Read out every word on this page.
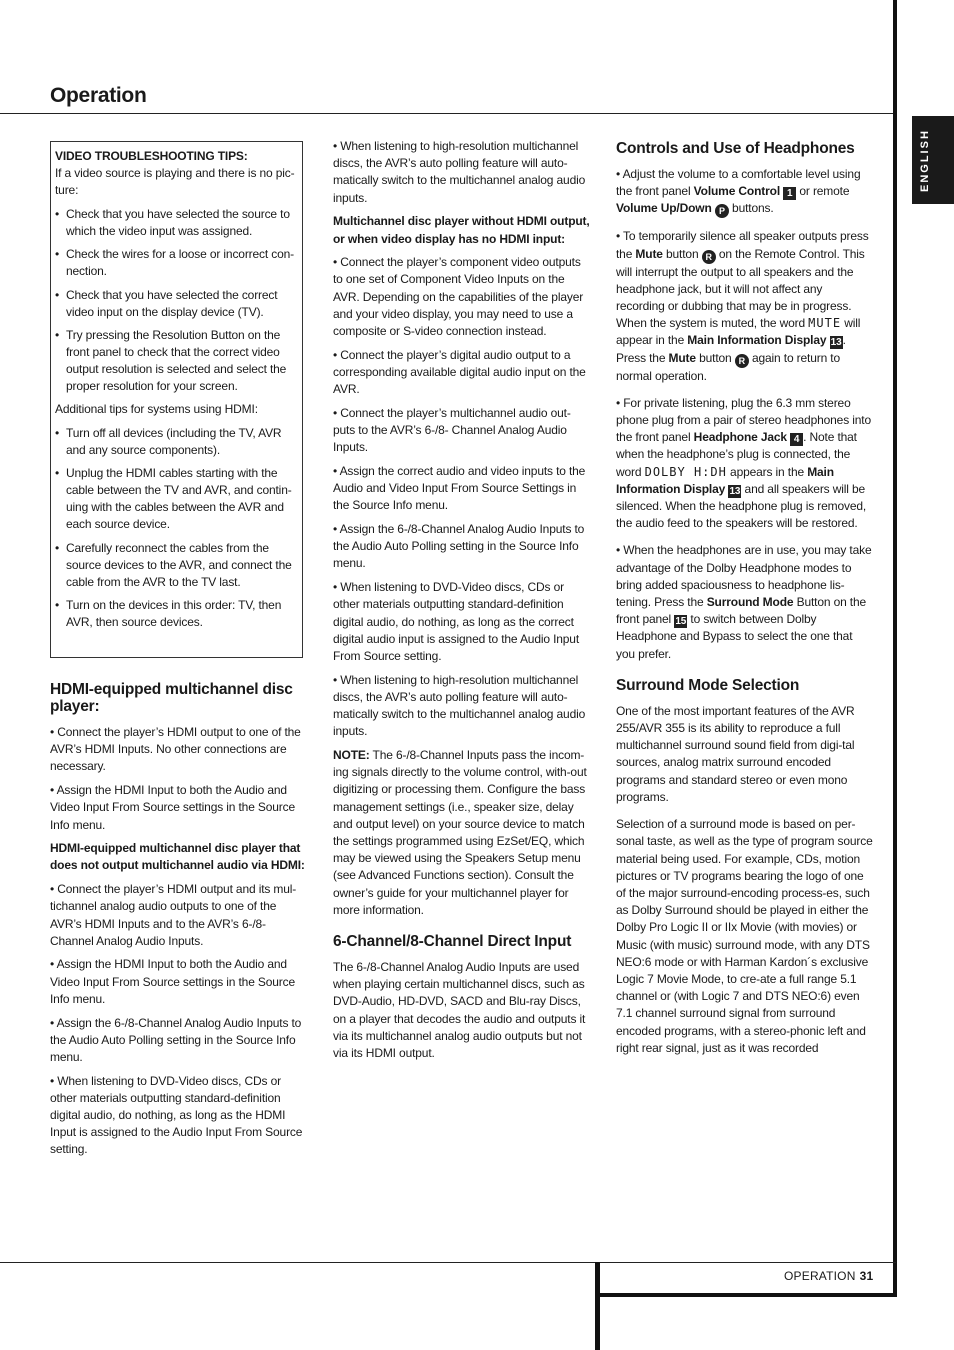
Operation
ENGLISH
VIDEO TROUBLESHOOTING TIPS:
If a video source is playing and there is no pic-ture:
• Check that you have selected the source to which the video input was assigned.
• Check the wires for a loose or incorrect con-nection.
• Check that you have selected the correct video input on the display device (TV).
• Try pressing the Resolution Button on the front panel to check that the correct video output resolution is selected and select the proper resolution for your screen.
Additional tips for systems using HDMI:
• Turn off all devices (including the TV, AVR and any source components).
• Unplug the HDMI cables starting with the cable between the TV and AVR, and contin-uing with the cables between the AVR and each source device.
• Carefully reconnect the cables from the source devices to the AVR, and connect the cable from the AVR to the TV last.
• Turn on the devices in this order: TV, then AVR, then source devices.
HDMI-equipped multichannel disc player:

• Connect the player’s HDMI output to one of the AVR’s HDMI Inputs. No other connections are necessary.

• Assign the HDMI Input to both the Audio and Video Input From Source settings in the Source Info menu.

HDMI-equipped multichannel disc player that does not output multichannel audio via HDMI:

• Connect the player’s HDMI output and its mul-tichannel analog audio outputs to one of the AVR’s HDMI Inputs and to the AVR’s 6-/8-Channel Analog Audio Inputs.

• Assign the HDMI Input to both the Audio and Video Input From Source settings in the Source Info menu.

• Assign the 6-/8-Channel Analog Audio Inputs to the Audio Auto Polling setting in the Source Info menu.

• When listening to DVD-Video discs, CDs or other materials outputting standard-definition digital audio, do nothing, as long as the HDMI Input is assigned to the Audio Input From Source setting.

• When listening to high-resolution multichannel discs, the AVR’s auto polling feature will auto-matically switch to the multichannel analog audio inputs.

Multichannel disc player without HDMI output, or when video display has no HDMI input:

• Connect the player’s component video outputs to one set of Component Video Inputs on the AVR. Depending on the capabilities of the player and your video display, you may need to use a composite or S-video connection instead.

• Connect the player’s digital audio output to a corresponding available digital audio input on the AVR.

• Connect the player’s multichannel audio out-puts to the AVR’s 6-/8- Channel Analog Audio Inputs.

• Assign the correct audio and video inputs to the Audio and Video Input From Source Settings in the Source Info menu.

• Assign the 6-/8-Channel Analog Audio Inputs to the Audio Auto Polling setting in the Source Info menu.

• When listening to DVD-Video discs, CDs or other materials outputting standard-definition digital audio, do nothing, as long as the correct digital audio input is assigned to the Audio Input From Source setting.

• When listening to high-resolution multichannel discs, the AVR’s auto polling feature will auto-matically switch to the multichannel analog audio inputs.

NOTE: The 6-/8-Channel Inputs pass the incom-ing signals directly to the volume control, with-out digitizing or processing them. Configure the bass management settings (i.e., speaker size, delay and output level) on your source device to match the settings programmed using EzSet/EQ, which may be viewed using the Speakers Setup menu (see Advanced Functions section). Consult the owner’s guide for your multichannel player for more information.

6-Channel/8-Channel Direct Input

The 6-/8-Channel Analog Audio Inputs are used when playing certain multichannel discs, such as DVD-Audio, HD-DVD, SACD and Blu-ray Discs, on a player that decodes the audio and outputs it via its multichannel analog audio outputs but not via its HDMI output.

Controls and Use of Headphones

• Adjust the volume to a comfortable level using the front panel Volume Control 1 or remote Volume Up/Down P buttons.

• To temporarily silence all speaker outputs press the Mute button R on the Remote Control. This will interrupt the output to all speakers and the headphone jack, but it will not affect any recording or dubbing that may be in progress. When the system is muted, the word MUTE will appear in the Main Information Display 13. Press the Mute button R again to return to normal operation.

• For private listening, plug the 6.3 mm stereo phone plug from a pair of stereo headphones into the front panel Headphone Jack 4 . Note that when the headphone’s plug is connected, the word DOLBY H:DH appears in the Main Information Display 13 and all speakers will be silenced. When the headphone plug is removed, the audio feed to the speakers will be restored.

• When the headphones are in use, you may take advantage of the Dolby Headphone modes to bring added spaciousness to headphone lis-tening. Press the Surround Mode Button on the front panel 15 to switch between Dolby Headphone and Bypass to select the one that you prefer.

Surround Mode Selection

One of the most important features of the AVR 255/AVR 355 is its ability to reproduce a full multichannel surround sound field from digi-tal sources, analog matrix surround encoded programs and standard stereo or even mono programs.

Selection of a surround mode is based on per-sonal taste, as well as the type of program source material being used. For example, CDs, motion pictures or TV programs bearing the logo of one of the major surround-encoding process-es, such as Dolby Surround should be played in either the Dolby Pro Logic II or IIx Movie (with movies) or Music (with music) surround mode, with any DTS NEO:6 mode or with Harman Kardon´s exclusive Logic 7 Movie Mode, to cre-ate a full range 5.1 channel or (with Logic 7 and DTS NEO:6) even 7.1 channel surround signal from surround encoded programs, with a stereo-phonic left and right rear signal, just as it was recorded

OPERATION 31
